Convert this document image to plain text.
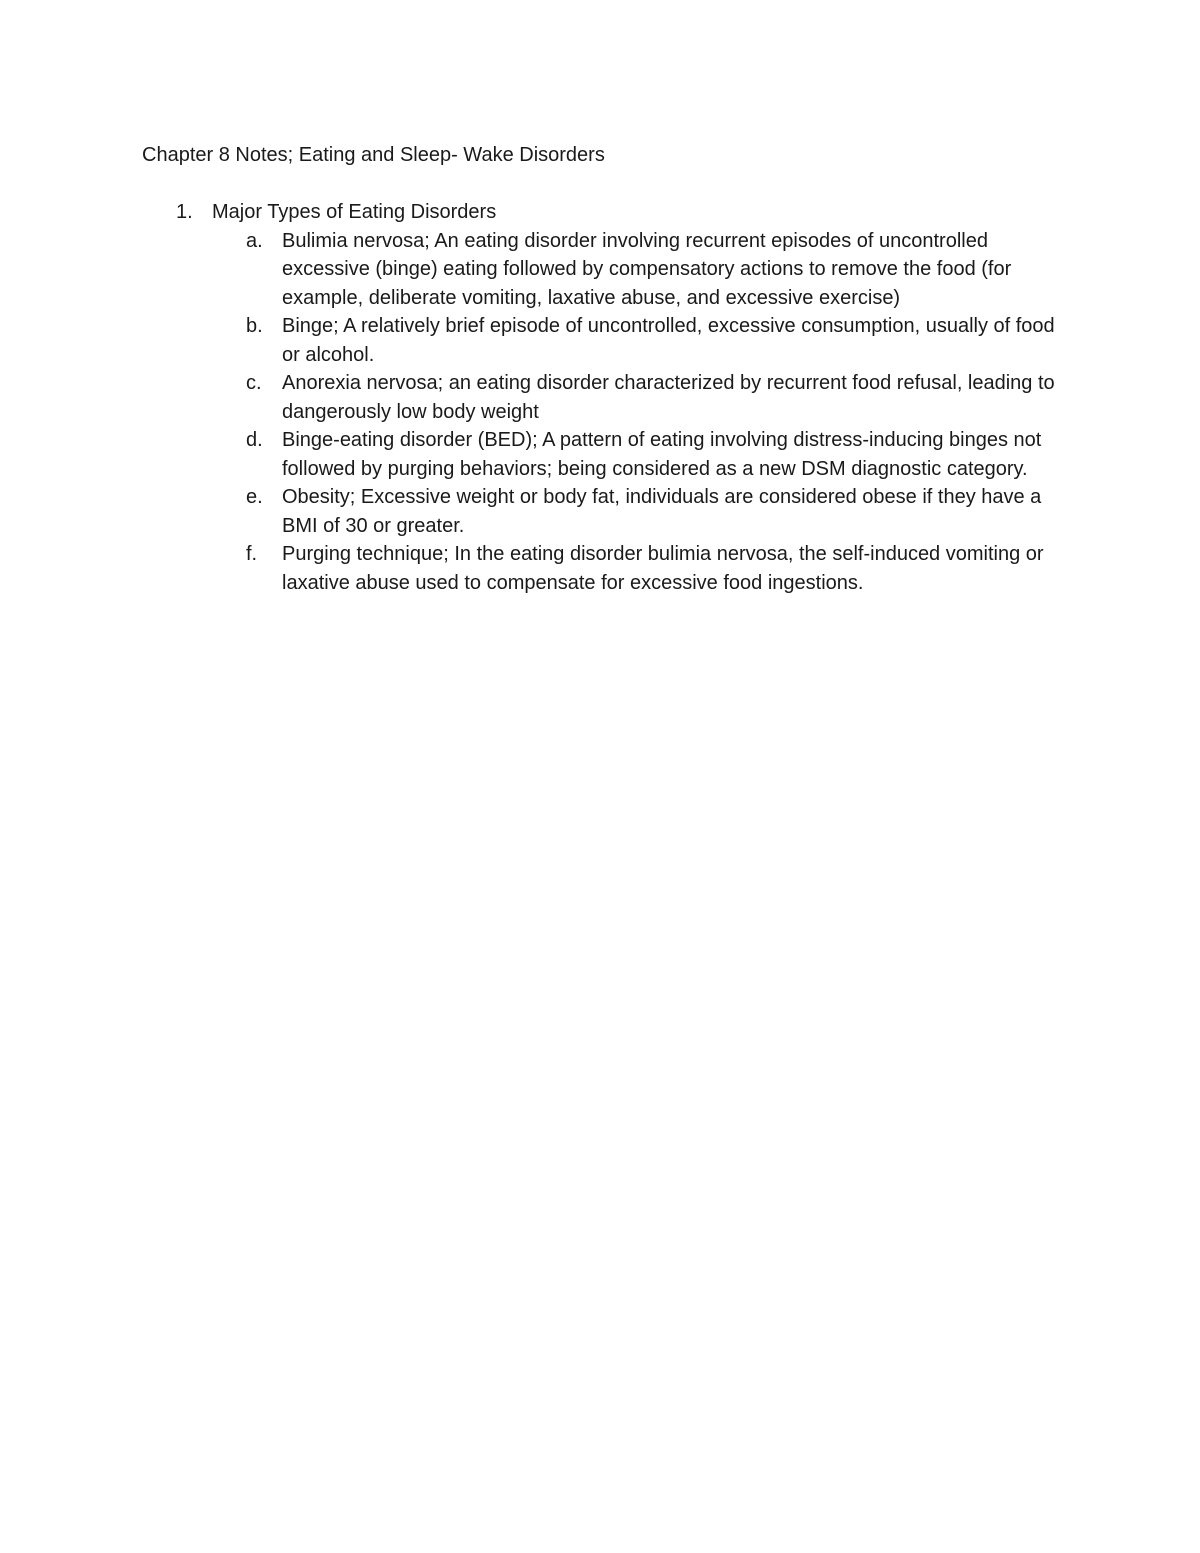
Chapter 8 Notes; Eating and Sleep- Wake Disorders

1. Major Types of Eating Disorders
a. Bulimia nervosa; An eating disorder involving recurrent episodes of uncontrolled excessive (binge) eating followed by compensatory actions to remove the food (for example, deliberate vomiting, laxative abuse, and excessive exercise)
b. Binge; A relatively brief episode of uncontrolled, excessive consumption, usually of food or alcohol.
c. Anorexia nervosa; an eating disorder characterized by recurrent food refusal, leading to dangerously low body weight
d. Binge-eating disorder (BED); A pattern of eating involving distress-inducing binges not followed by purging behaviors; being considered as a new DSM diagnostic category.
e. Obesity; Excessive weight or body fat, individuals are considered obese if they have a BMI of 30 or greater.
f. Purging technique; In the eating disorder bulimia nervosa, the self-induced vomiting or laxative abuse used to compensate for excessive food ingestions.
